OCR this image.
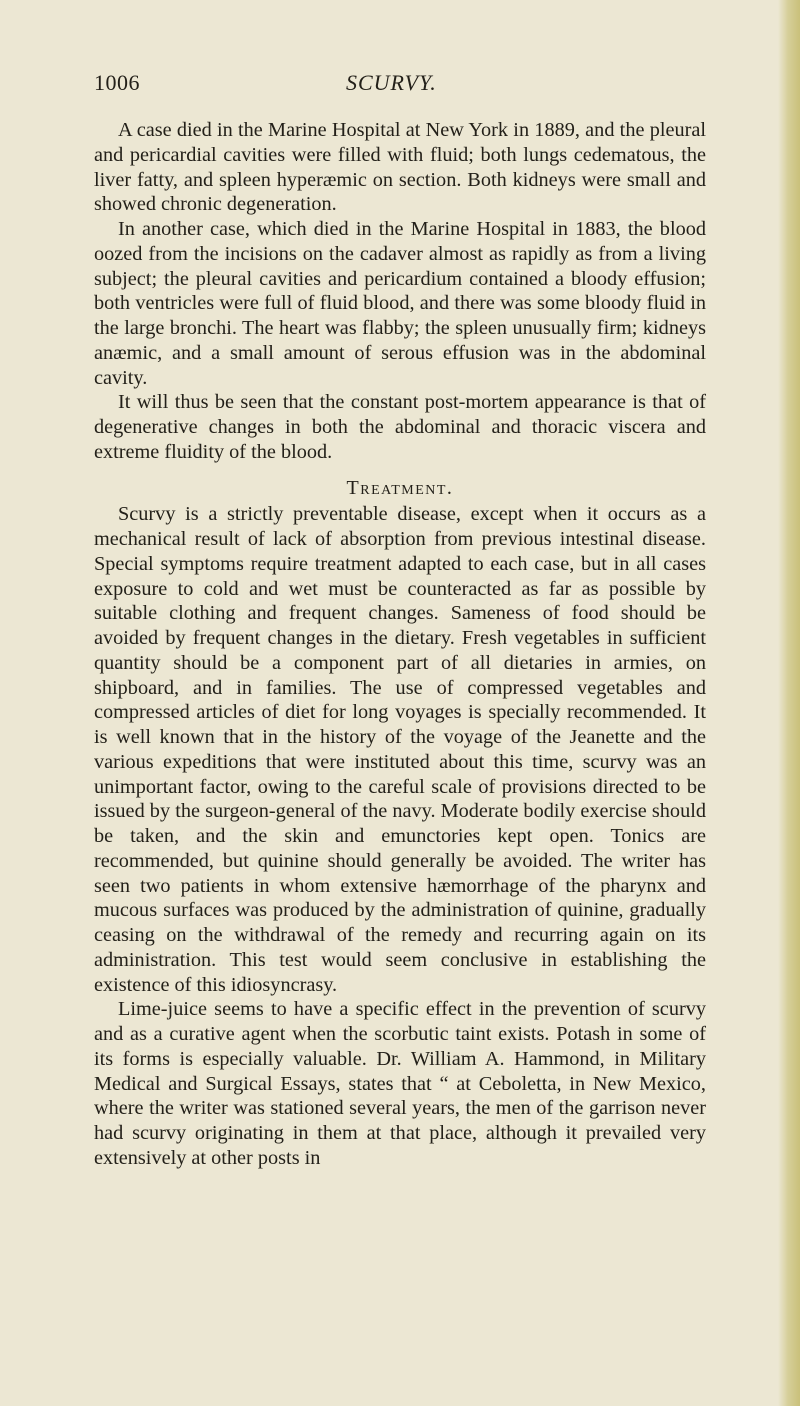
1006	SCURVY.

A case died in the Marine Hospital at New York in 1889, and the pleural and pericardial cavities were filled with fluid; both lungs cedematous, the liver fatty, and spleen hyperæmic on section. Both kidneys were small and showed chronic degeneration.

In another case, which died in the Marine Hospital in 1883, the blood oozed from the incisions on the cadaver almost as rapidly as from a living subject; the pleural cavities and pericardium contained a bloody effusion; both ventricles were full of fluid blood, and there was some bloody fluid in the large bronchi. The heart was flabby; the spleen unusually firm; kidneys anæmic, and a small amount of serous effusion was in the abdominal cavity.

It will thus be seen that the constant post-mortem appearance is that of degenerative changes in both the abdominal and thoracic viscera and extreme fluidity of the blood.

Treatment.

Scurvy is a strictly preventable disease, except when it occurs as a mechanical result of lack of absorption from previous intestinal disease. Special symptoms require treatment adapted to each case, but in all cases exposure to cold and wet must be counteracted as far as possible by suitable clothing and frequent changes. Sameness of food should be avoided by frequent changes in the dietary. Fresh vegetables in sufficient quantity should be a component part of all dietaries in armies, on shipboard, and in families. The use of compressed vegetables and compressed articles of diet for long voyages is specially recommended. It is well known that in the history of the voyage of the Jeanette and the various expeditions that were instituted about this time, scurvy was an unimportant factor, owing to the careful scale of provisions directed to be issued by the surgeon-general of the navy. Moderate bodily exercise should be taken, and the skin and emunctories kept open. Tonics are recommended, but quinine should generally be avoided. The writer has seen two patients in whom extensive hæmorrhage of the pharynx and mucous surfaces was produced by the administration of quinine, gradually ceasing on the withdrawal of the remedy and recurring again on its administration. This test would seem conclusive in establishing the existence of this idiosyncrasy.

Lime-juice seems to have a specific effect in the prevention of scurvy and as a curative agent when the scorbutic taint exists. Potash in some of its forms is especially valuable. Dr. William A. Hammond, in Military Medical and Surgical Essays, states that “ at Ceboletta, in New Mexico, where the writer was stationed several years, the men of the garrison never had scurvy originating in them at that place, although it prevailed very extensively at other posts in
